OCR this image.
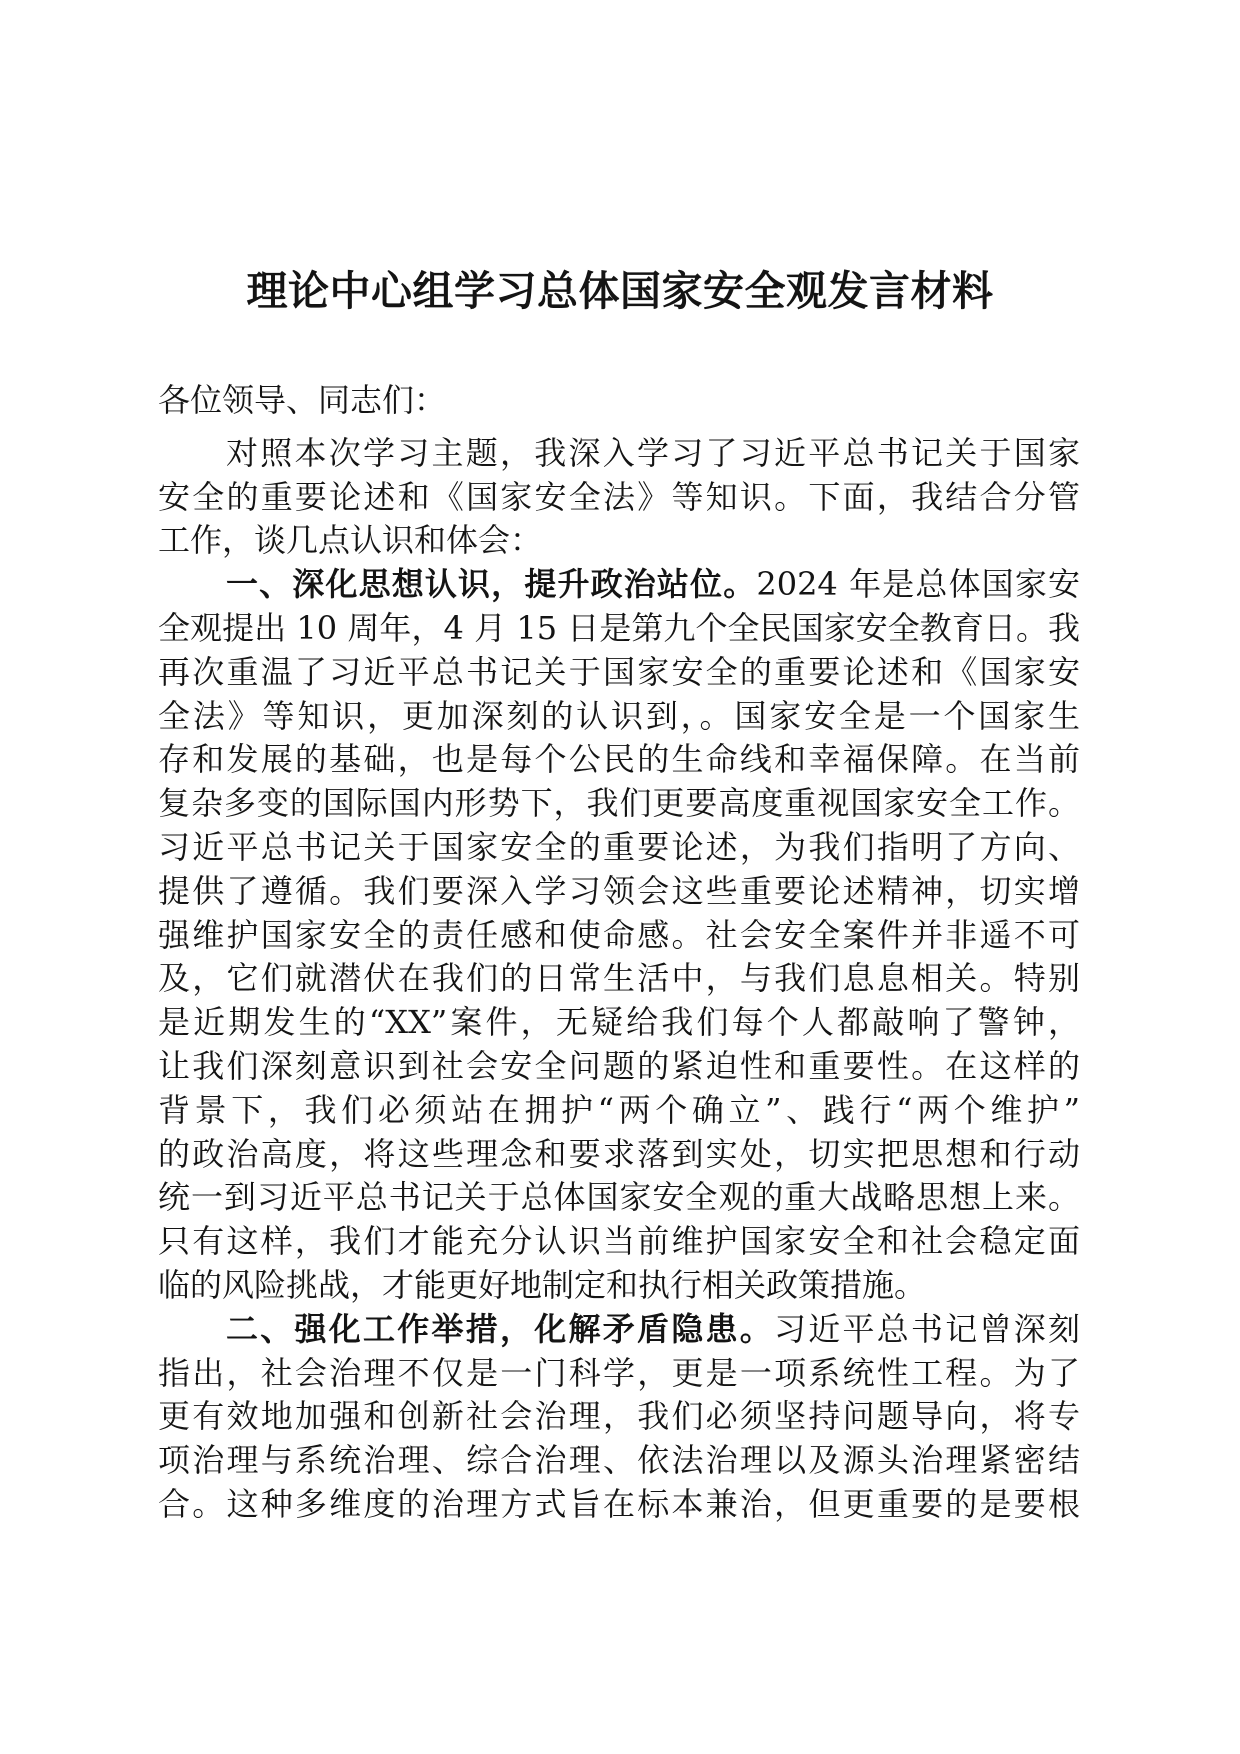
理论中心组学习总体国家安全观发言材料
各位领导、同志们：
对照本次学习主题，我深入学习了习近平总书记关于国家
安全的重要论述和《国家安全法》等知识。下面，我结合分管
工作，谈几点认识和体会：
一、深化思想认识，提升政治站位。2024 年是总体国家安
全观提出 10 周年，4 月 15 日是第九个全民国家安全教育日。我
再次重温了习近平总书记关于国家安全的重要论述和《国家安
全法》等知识，更加深刻的认识到，。国家安全是一个国家生
存和发展的基础，也是每个公民的生命线和幸福保障。在当前
复杂多变的国际国内形势下，我们更要高度重视国家安全工作。
习近平总书记关于国家安全的重要论述，为我们指明了方向、
提供了遵循。我们要深入学习领会这些重要论述精神，切实增
强维护国家安全的责任感和使命感。社会安全案件并非遥不可
及，它们就潜伏在我们的日常生活中，与我们息息相关。特别
是近期发生的“XX”案件，无疑给我们每个人都敲响了警钟，
让我们深刻意识到社会安全问题的紧迫性和重要性。在这样的
背景下，我们必须站在拥护“两个确立”、践行“两个维护”
的政治高度，将这些理念和要求落到实处，切实把思想和行动
统一到习近平总书记关于总体国家安全观的重大战略思想上来。
只有这样，我们才能充分认识当前维护国家安全和社会稳定面
临的风险挑战，才能更好地制定和执行相关政策措施。
二、强化工作举措，化解矛盾隐患。习近平总书记曾深刻
指出，社会治理不仅是一门科学，更是一项系统性工程。为了
更有效地加强和创新社会治理，我们必须坚持问题导向，将专
项治理与系统治理、综合治理、依法治理以及源头治理紧密结
合。这种多维度的治理方式旨在标本兼治，但更重要的是要根
